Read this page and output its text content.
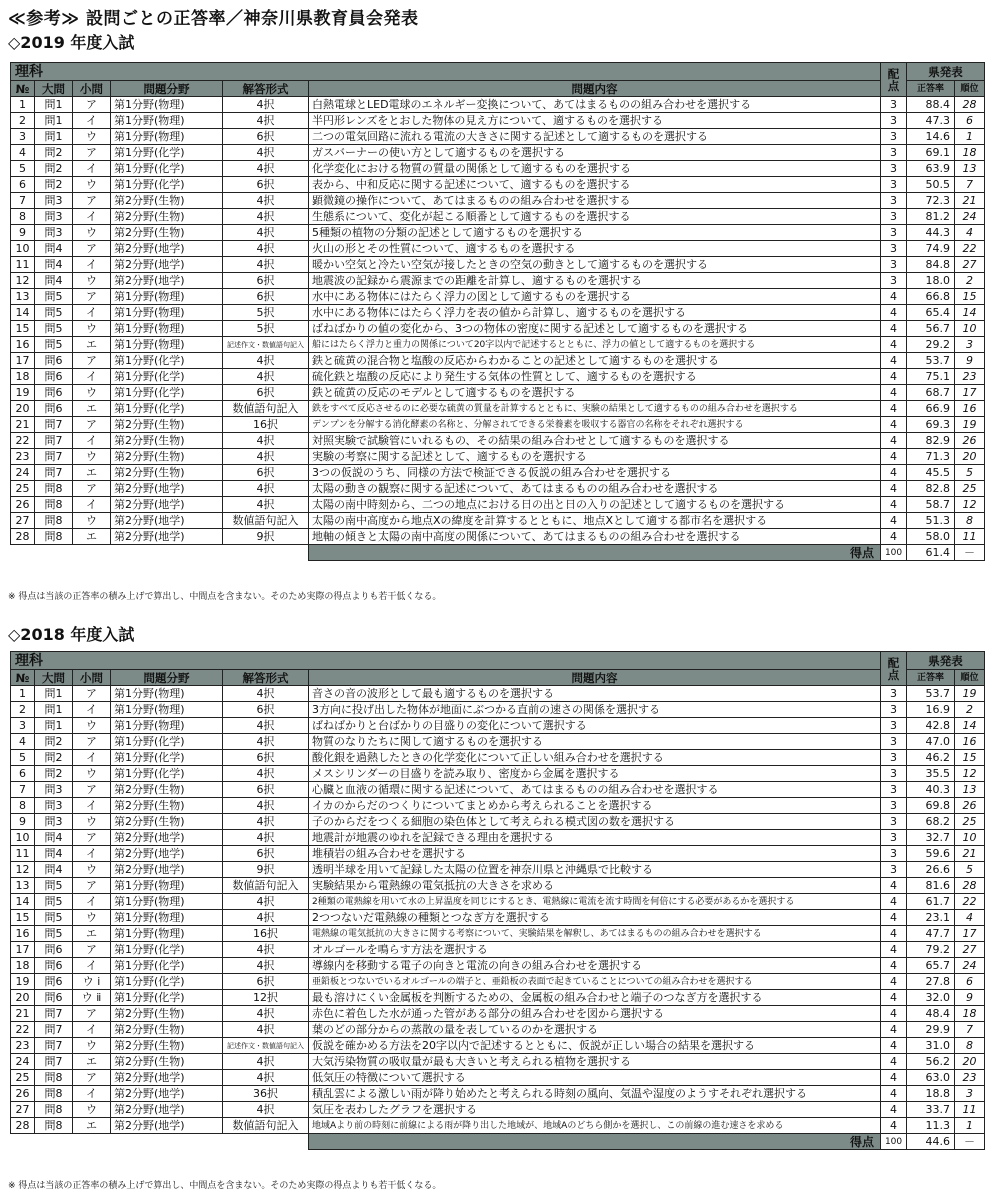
≪参考≫ 設問ごとの正答率／神奈川県教育員会発表
◇2019 年度入試
理科						配点	県発表	
№	大問	小問	問題分野	解答形式	問題内容			
							正答率	順位
1	問1	ア	第1分野(物理)	4択	白熱電球とLED電球のエネルギー変換について、あてはまるものの組み合わせを選択する	3	88.4	28
2	問1	イ	第1分野(物理)	4択	半円形レンズをとおした物体の見え方について、適するものを選択する	3	47.3	6
3	問1	ウ	第1分野(物理)	6択	二つの電気回路に流れる電流の大きさに関する記述として適するものを選択する	3	14.6	1
4	問2	ア	第1分野(化学)	4択	ガスバーナーの使い方として適するものを選択する	3	69.1	18
5	問2	イ	第1分野(化学)	4択	化学変化における物質の質量の関係として適するものを選択する	3	63.9	13
6	問2	ウ	第1分野(化学)	6択	表から、中和反応に関する記述について、適するものを選択する	3	50.5	7
7	問3	ア	第2分野(生物)	4択	顕微鏡の操作について、あてはまるものの組み合わせを選択する	3	72.3	21
8	問3	イ	第2分野(生物)	4択	生態系について、変化が起こる順番として適するものを選択する	3	81.2	24
9	問3	ウ	第2分野(生物)	4択	5種類の植物の分類の記述として適するものを選択する	3	44.3	4
10	問4	ア	第2分野(地学)	4択	火山の形とその性質について、適するものを選択する	3	74.9	22
11	問4	イ	第2分野(地学)	4択	暖かい空気と冷たい空気が接したときの空気の動きとして適するものを選択する	3	84.8	27
12	問4	ウ	第2分野(地学)	6択	地震波の記録から震源までの距離を計算し、適するものを選択する	3	18.0	2
13	問5	ア	第1分野(物理)	6択	水中にある物体にはたらく浮力の図として適するものを選択する	4	66.8	15
14	問5	イ	第1分野(物理)	5択	水中にある物体にはたらく浮力を表の値から計算し、適するものを選択する	4	65.4	14
15	問5	ウ	第1分野(物理)	5択	ばねばかりの値の変化から、3つの物体の密度に関する記述として適するものを選択する	4	56.7	10
16	問5	エ	第1分野(物理)	記述作文・数値語句記入	船にはたらく浮力と重力の関係について20字以内で記述するとともに、浮力の値として適するものを選択する	4	29.2	3
17	問6	ア	第1分野(化学)	4択	鉄と硫黄の混合物と塩酸の反応からわかることの記述として適するものを選択する	4	53.7	9
18	問6	イ	第1分野(化学)	4択	硫化鉄と塩酸の反応により発生する気体の性質として、適するものを選択する	4	75.1	23
19	問6	ウ	第1分野(化学)	6択	鉄と硫黄の反応のモデルとして適するものを選択する	4	68.7	17
20	問6	エ	第1分野(化学)	数値語句記入	鉄をすべて反応させるのに必要な硫黄の質量を計算するとともに、実験の結果として適するものの組み合わせを選択する	4	66.9	16
21	問7	ア	第2分野(生物)	16択	デンプンを分解する消化酵素の名称と、分解されてできる栄養素を吸収する器官の名称をそれぞれ選択する	4	69.3	19
22	問7	イ	第2分野(生物)	4択	対照実験で試験管にいれるもの、その結果の組み合わせとして適するものを選択する	4	82.9	26
23	問7	ウ	第2分野(生物)	4択	実験の考察に関する記述として、適するものを選択する	4	71.3	20
24	問7	エ	第2分野(生物)	6択	3つの仮説のうち、同様の方法で検証できる仮説の組み合わせを選択する	4	45.5	5
25	問8	ア	第2分野(地学)	4択	太陽の動きの観察に関する記述について、あてはまるものの組み合わせを選択する	4	82.8	25
26	問8	イ	第2分野(地学)	4択	太陽の南中時刻から、二つの地点における日の出と日の入りの記述として適するものを選択する	4	58.7	12
27	問8	ウ	第2分野(地学)	数値語句記入	太陽の南中高度から地点Xの緯度を計算するとともに、地点Xとして適する都市名を選択する	4	51.3	8
28	問8	エ	第2分野(地学)	9択	地軸の傾きと太陽の南中高度の関係について、あてはまるものの組み合わせを選択する	4	58.0	11
					得点	100	61.4	－
※ 得点は当該の正答率の積み上げで算出し、中間点を含まない。そのため実際の得点よりも若干低くなる。
◇2018 年度入試
理科						配点	県発表	
№	大問	小問	問題分野	解答形式	問題内容			
							正答率	順位
1	問1	ア	第1分野(物理)	4択	音さの音の波形として最も適するものを選択する	3	53.7	19
2	問1	イ	第1分野(物理)	6択	3方向に投げ出した物体が地面にぶつかる直前の速さの関係を選択する	3	16.9	2
3	問1	ウ	第1分野(物理)	4択	ばねばかりと台ばかりの目盛りの変化について選択する	3	42.8	14
4	問2	ア	第1分野(化学)	4択	物質のなりたちに関して適するものを選択する	3	47.0	16
5	問2	イ	第1分野(化学)	6択	酸化銀を過熱したときの化学変化について正しい組み合わせを選択する	3	46.2	15
6	問2	ウ	第1分野(化学)	4択	メスシリンダーの目盛りを読み取り、密度から金属を選択する	3	35.5	12
7	問3	ア	第2分野(生物)	6択	心臓と血液の循環に関する記述について、あてはまるものの組み合わせを選択する	3	40.3	13
8	問3	イ	第2分野(生物)	4択	イカのからだのつくりについてまとめから考えられることを選択する	3	69.8	26
9	問3	ウ	第2分野(生物)	4択	子のからだをつくる細胞の染色体として考えられる模式図の数を選択する	3	68.2	25
10	問4	ア	第2分野(地学)	4択	地震計が地震のゆれを記録できる理由を選択する	3	32.7	10
11	問4	イ	第2分野(地学)	6択	堆積岩の組み合わせを選択する	3	59.6	21
12	問4	ウ	第2分野(地学)	9択	透明半球を用いて記録した太陽の位置を神奈川県と沖縄県で比較する	3	26.6	5
13	問5	ア	第1分野(物理)	数値語句記入	実験結果から電熱線の電気抵抗の大きさを求める	4	81.6	28
14	問5	イ	第1分野(物理)	4択	2種類の電熱線を用いて水の上昇温度を同じにするとき、電熱線に電流を流す時間を何倍にする必要があるかを選択する	4	61.7	22
15	問5	ウ	第1分野(物理)	4択	2つつないだ電熱線の種類とつなぎ方を選択する	4	23.1	4
16	問5	エ	第1分野(物理)	16択	電熱線の電気抵抗の大きさに関する考察について、実験結果を解釈し、あてはまるものの組み合わせを選択する	4	47.7	17
17	問6	ア	第1分野(化学)	4択	オルゴールを鳴らす方法を選択する	4	79.2	27
18	問6	イ	第1分野(化学)	4択	導線内を移動する電子の向きと電流の向きの組み合わせを選択する	4	65.7	24
19	問6	ウ ⅰ	第1分野(化学)	6択	亜鉛板とつないでいるオルゴールの端子と、亜鉛板の表面で起きていることについての組み合わせを選択する	4	27.8	6
20	問6	ウ ⅱ	第1分野(化学)	12択	最も溶けにくい金属板を判断するための、金属板の組み合わせと端子のつなぎ方を選択する	4	32.0	9
21	問7	ア	第2分野(生物)	4択	赤色に着色した水が通った管がある部分の組み合わせを図から選択する	4	48.4	18
22	問7	イ	第2分野(生物)	4択	葉のどの部分からの蒸散の量を表しているのかを選択する	4	29.9	7
23	問7	ウ	第2分野(生物)	記述作文・数値語句記入	仮説を確かめる方法を20字以内で記述するとともに、仮説が正しい場合の結果を選択する	4	31.0	8
24	問7	エ	第2分野(生物)	4択	大気汚染物質の吸収量が最も大きいと考えられる植物を選択する	4	56.2	20
25	問8	ア	第2分野(地学)	4択	低気圧の特徴について選択する	4	63.0	23
26	問8	イ	第2分野(地学)	36択	積乱雲による激しい雨が降り始めたと考えられる時刻の風向、気温や湿度のようすそれぞれ選択する	4	18.8	3
27	問8	ウ	第2分野(地学)	4択	気圧を表わしたグラフを選択する	4	33.7	11
28	問8	エ	第2分野(地学)	数値語句記入	地域Aより前の時刻に前線による雨が降り出した地域が、地域Aのどちら側かを選択し、この前線の進む速さを求める	4	11.3	1
					得点	100	44.6	－
※ 得点は当該の正答率の積み上げで算出し、中間点を含まない。そのため実際の得点よりも若干低くなる。
